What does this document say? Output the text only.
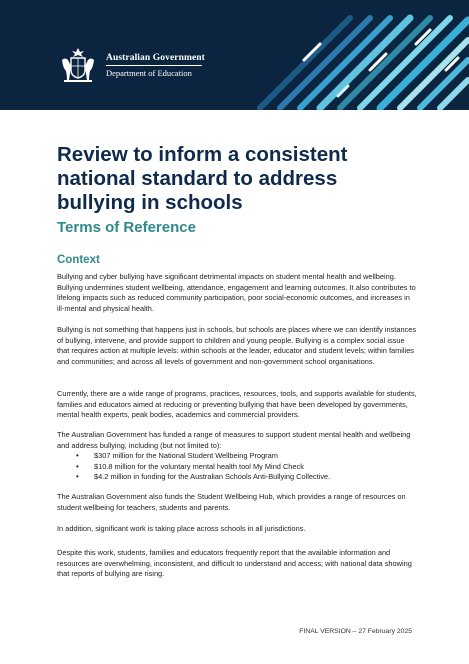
Australian Government
Department of Education
Review to inform a consistent national standard to address bullying in schools
Terms of Reference
Context

Bullying and cyber bullying have significant detrimental impacts on student mental health and wellbeing. Bullying undermines student wellbeing, attendance, engagement and learning outcomes. It also contributes to lifelong impacts such as reduced community participation, poor social-economic outcomes, and increases in ill-mental and physical health.

Bullying is not something that happens just in schools, but schools are places where we can identify instances of bullying, intervene, and provide support to children and young people. Bullying is a complex social issue that requires action at multiple levels: within schools at the leader, educator and student levels; within families and communities; and across all levels of government and non-government school organisations.

Currently, there are a wide range of programs, practices, resources, tools, and supports available for students, families and educators aimed at reducing or preventing bullying that have been developed by governments, mental health experts, peak bodies, academics and commercial providers.

The Australian Government has funded a range of measures to support student mental health and wellbeing and address bullying, including (but not limited to):

• $307 million for the National Student Wellbeing Program
• $10.8 million for the voluntary mental health tool My Mind Check
• $4.2 million in funding for the Australian Schools Anti-Bullying Collective.

The Australian Government also funds the Student Wellbeing Hub, which provides a range of resources on student wellbeing for teachers, students and parents.

In addition, significant work is taking place across schools in all jurisdictions.

Despite this work, students, families and educators frequently report that the available information and resources are overwhelming, inconsistent, and difficult to understand and access; with national data showing that reports of bullying are rising.

FINAL VERSION – 27 February 2025
